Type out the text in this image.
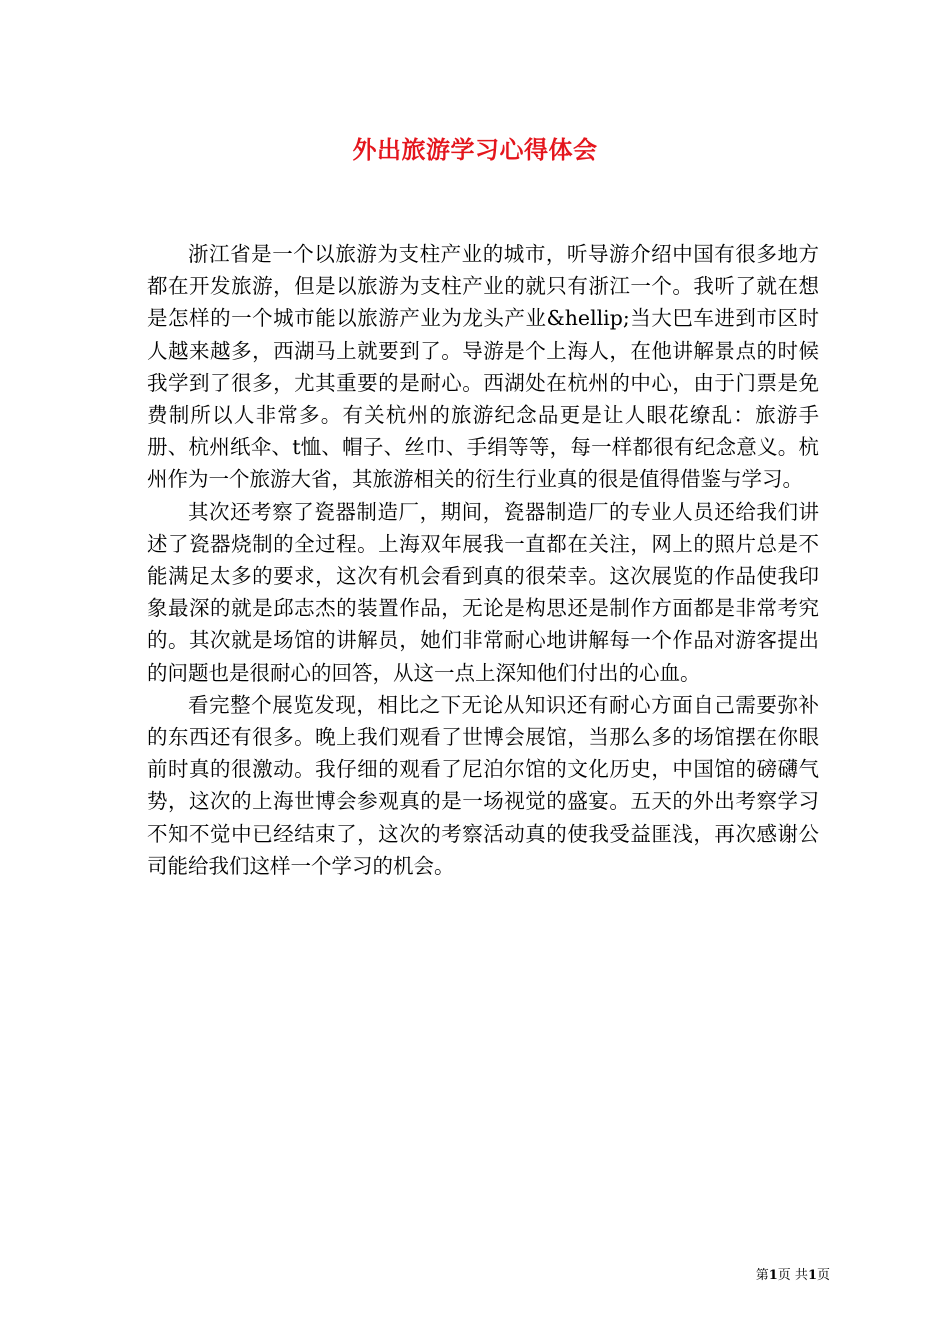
外出旅游学习心得体会

浙江省是一个以旅游为支柱产业的城市，听导游介绍中国有很多地方都在开发旅游，但是以旅游为支柱产业的就只有浙江一个。我听了就在想是怎样的一个城市能以旅游产业为龙头产业&hellip;当大巴车进到市区时人越来越多，西湖马上就要到了。导游是个上海人，在他讲解景点的时候我学到了很多，尤其重要的是耐心。西湖处在杭州的中心，由于门票是免费制所以人非常多。有关杭州的旅游纪念品更是让人眼花缭乱：旅游手册、杭州纸伞、t恤、帽子、丝巾、手绢等等，每一样都很有纪念意义。杭州作为一个旅游大省，其旅游相关的衍生行业真的很是值得借鉴与学习。

其次还考察了瓷器制造厂，期间，瓷器制造厂的专业人员还给我们讲述了瓷器烧制的全过程。上海双年展我一直都在关注，网上的照片总是不能满足太多的要求，这次有机会看到真的很荣幸。这次展览的作品使我印象最深的就是邱志杰的装置作品，无论是构思还是制作方面都是非常考究的。其次就是场馆的讲解员，她们非常耐心地讲解每一个作品对游客提出的问题也是很耐心的回答，从这一点上深知他们付出的心血。

看完整个展览发现，相比之下无论从知识还有耐心方面自己需要弥补的东西还有很多。晚上我们观看了世博会展馆，当那么多的场馆摆在你眼前时真的很激动。我仔细的观看了尼泊尔馆的文化历史，中国馆的磅礴气势，这次的上海世博会参观真的是一场视觉的盛宴。五天的外出考察学习不知不觉中已经结束了，这次的考察活动真的使我受益匪浅，再次感谢公司能给我们这样一个学习的机会。

第1页 共1页
